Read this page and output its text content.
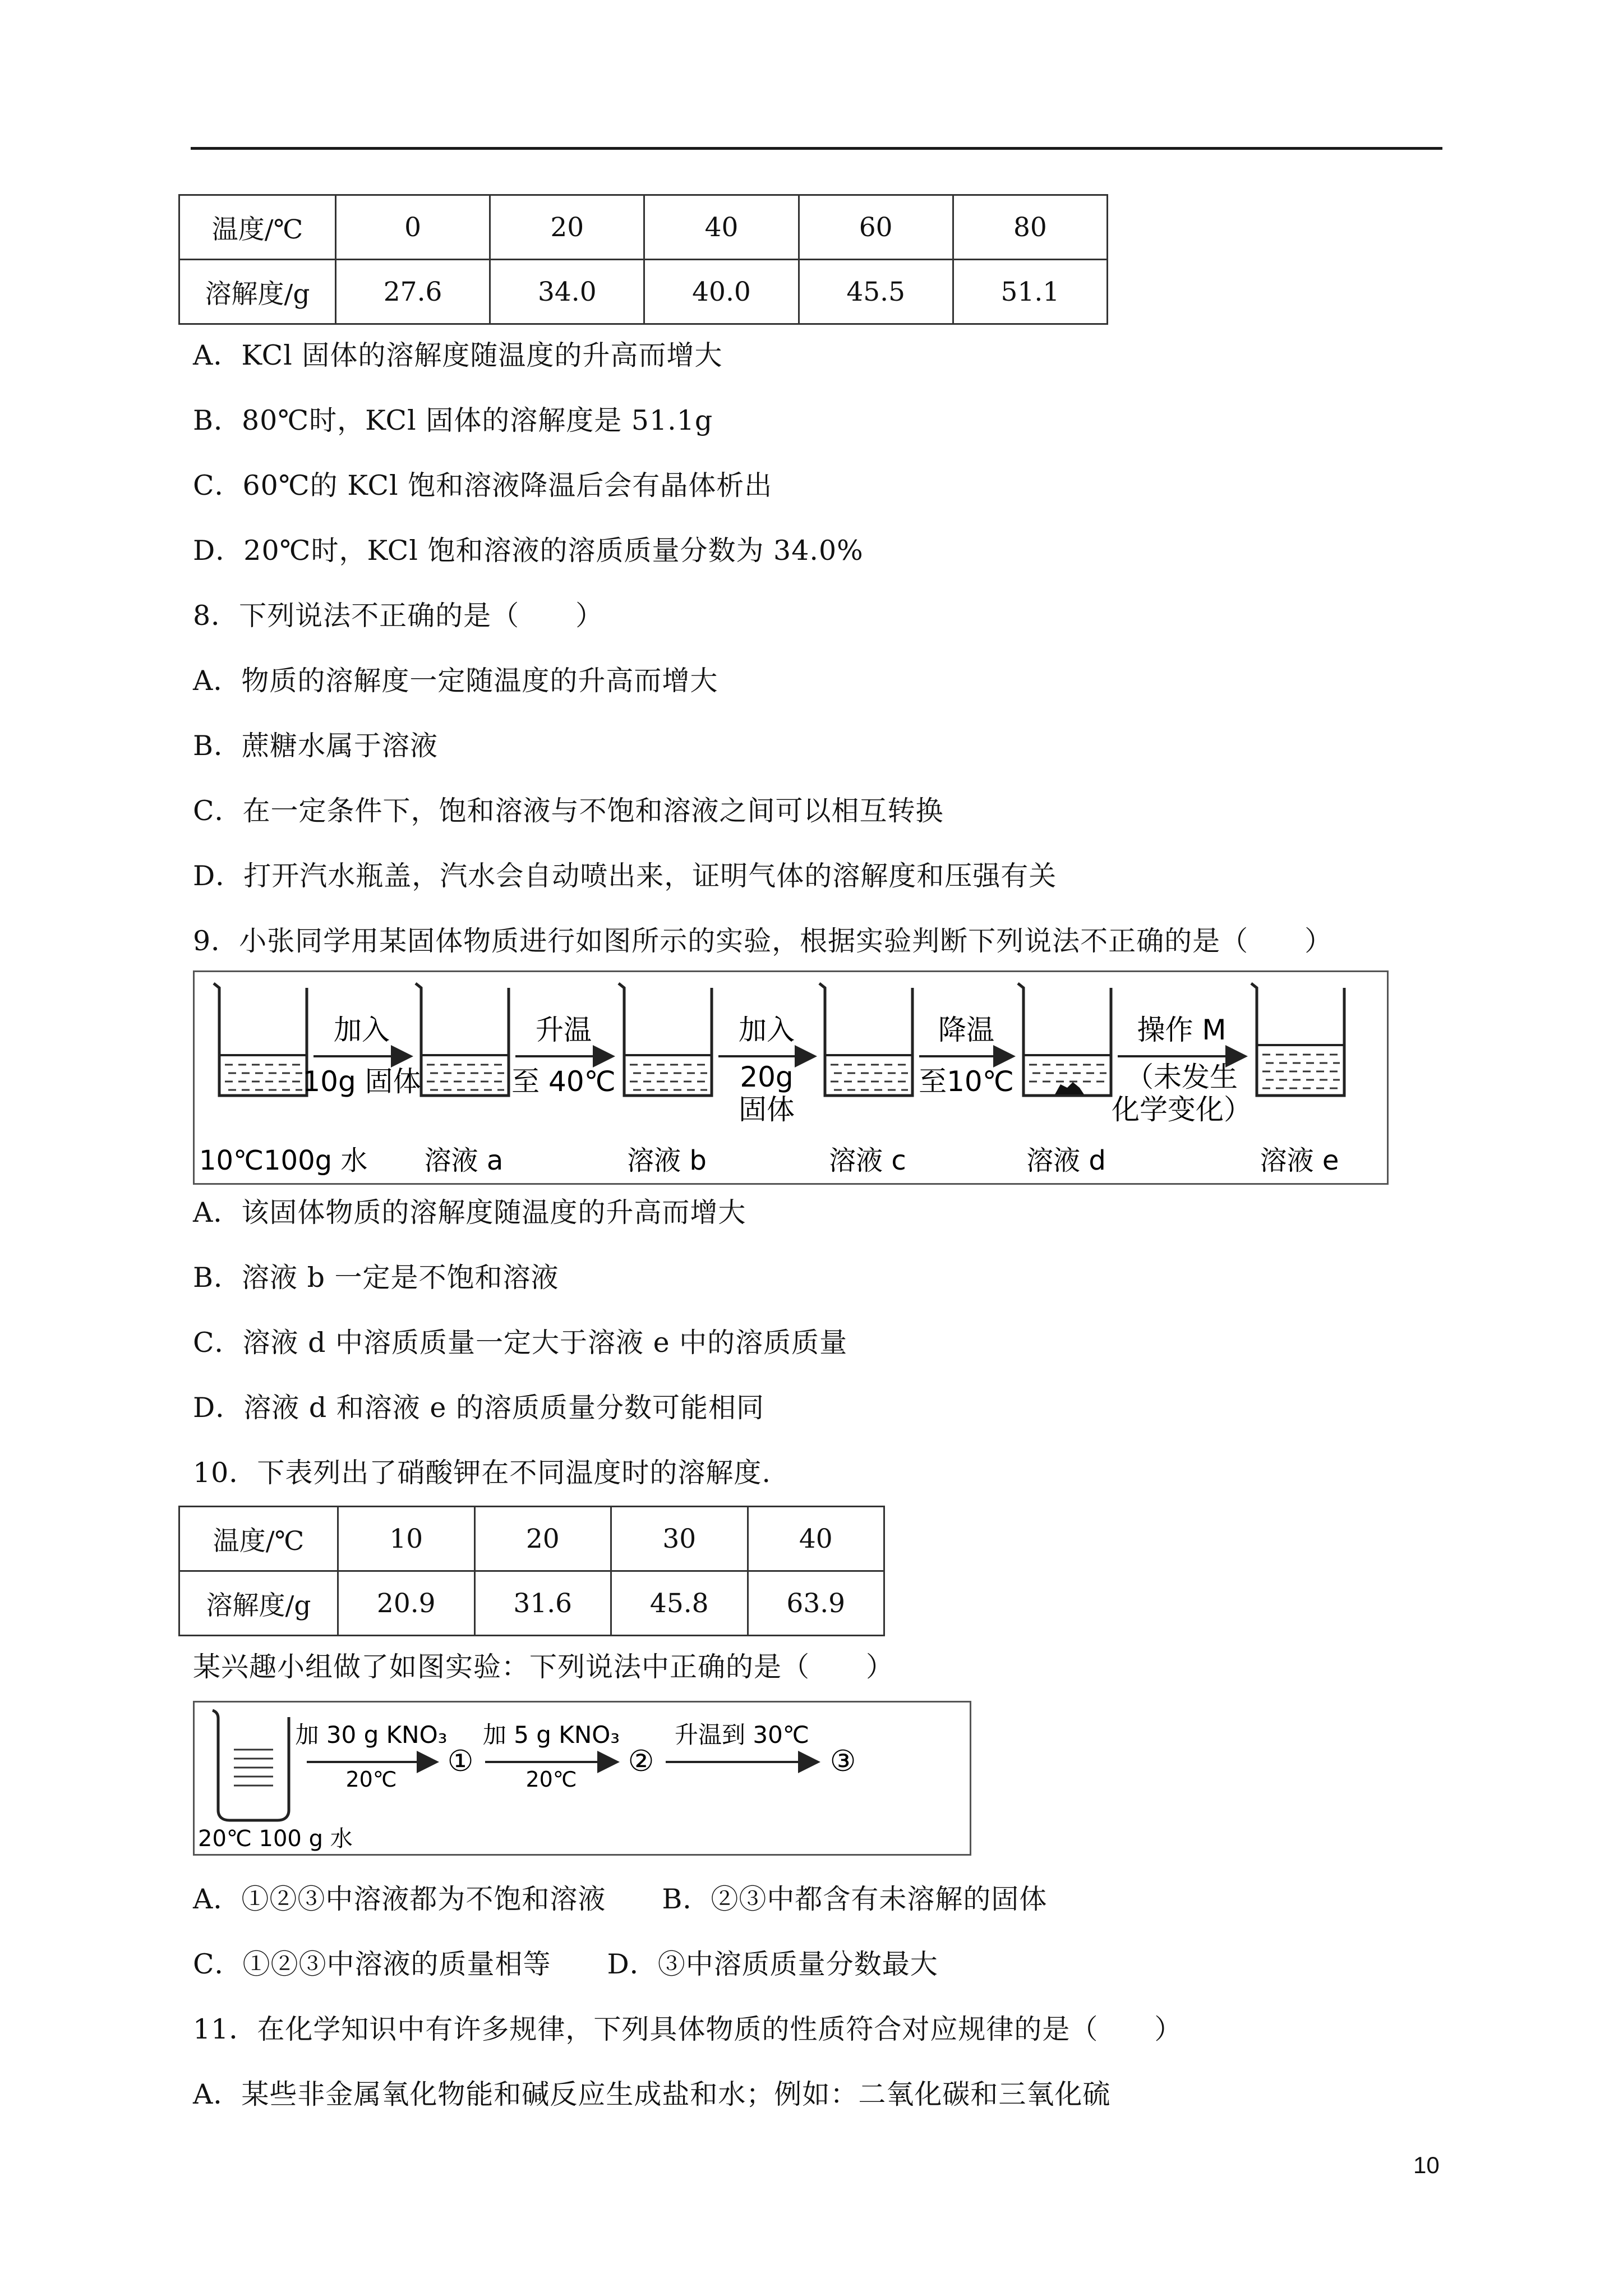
温度/℃	0	20	40	60	80
溶解度/g	27.6	34.0	40.0	45.5	51.1
A．KCl 固体的溶解度随温度的升高而增大
B．80℃时，KCl 固体的溶解度是 51.1g
C．60℃的 KCl 饱和溶液降温后会有晶体析出
D．20℃时，KCl 饱和溶液的溶质质量分数为 34.0%
8．下列说法不正确的是（　　）
A．物质的溶解度一定随温度的升高而增大
B．蔗糖水属于溶液
C．在一定条件下，饱和溶液与不饱和溶液之间可以相互转换
D．打开汽水瓶盖，汽水会自动喷出来，证明气体的溶解度和压强有关
9．小张同学用某固体物质进行如图所示的实验，根据实验判断下列说法不正确的是（　　）
加入
10g 固体
升温
至 40℃
加入
20g
固体
降温
至10℃
操作 M
（未发生
化学变化）
10℃100g 水 溶液 a	溶液 b	溶液 c	溶液 d	溶液 e
A．该固体物质的溶解度随温度的升高而增大
B．溶液 b 一定是不饱和溶液
C．溶液 d 中溶质质量一定大于溶液 e 中的溶质质量
D．溶液 d 和溶液 e 的溶质质量分数可能相同
10．下表列出了硝酸钾在不同温度时的溶解度.
温度/℃	10	20	30	40
溶解度/g	20.9	31.6	45.8	63.9
某兴趣小组做了如图实验：下列说法中正确的是（　　）
加 30 g KNO₃
20℃
加 5 g KNO₃
20℃
升温到 30℃
①	②	③
20℃ 100 g 水
A．①②③中溶液都为不饱和溶液　　B．②③中都含有未溶解的固体
C．①②③中溶液的质量相等　　D．③中溶质质量分数最大
11．在化学知识中有许多规律，下列具体物质的性质符合对应规律的是（　　）
A．某些非金属氧化物能和碱反应生成盐和水；例如：二氧化碳和三氧化硫
10
